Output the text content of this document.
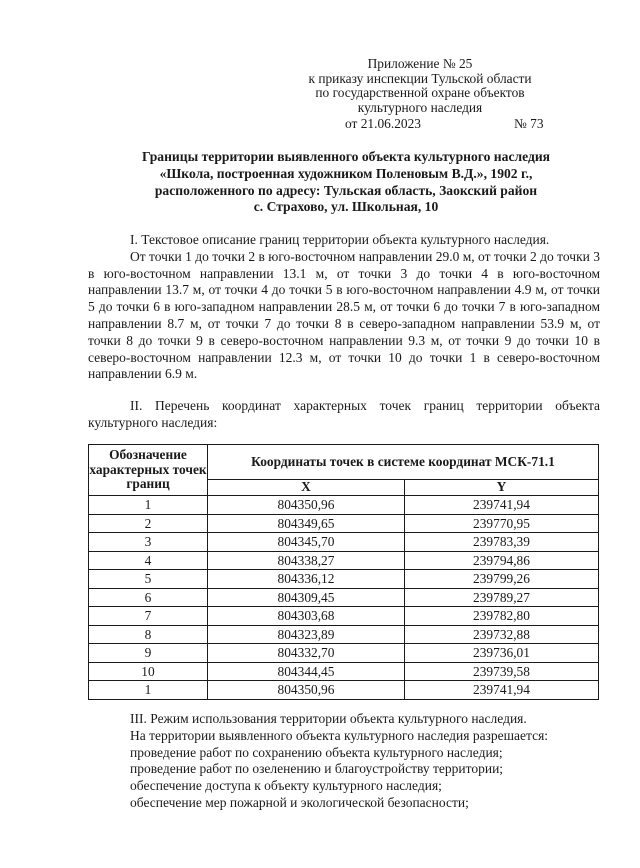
Приложение № 25
к приказу инспекции Тульской области
по государственной охране объектов
культурного наследия
от 21.06.2023	№ 73
Границы территории выявленного объекта культурного наследия
«Школа, построенная художником Поленовым В.Д.», 1902 г.,
расположенного по адресу: Тульская область, Заокский район
с. Страхово, ул. Школьная, 10

I. Текстовое описание границ территории объекта культурного наследия.

От точки 1 до точки 2 в юго-восточном направлении 29.0 м, от точки 2 до точки 3 в юго-восточном направлении 13.1 м, от точки 3 до точки 4 в юго-восточном направлении 13.7 м, от точки 4 до точки 5 в юго-восточном направлении 4.9 м, от точки 5 до точки 6 в юго-западном направлении 28.5 м, от точки 6 до точки 7 в юго-западном направлении 8.7 м, от точки 7 до точки 8 в северо-западном направлении 53.9 м, от точки 8 до точки 9 в северо-восточном направлении 9.3 м, от точки 9 до точки 10 в северо-восточном направлении 12.3 м, от точки 10 до точки 1 в северо-восточном направлении 6.9 м.

II. Перечень координат характерных точек границ территории объекта культурного наследия:

Обозначение характерных точек границ	Координаты точек в системе координат МСК-71.1	
	X	Y
1	804350,96	239741,94
2	804349,65	239770,95
3	804345,70	239783,39
4	804338,27	239794,86
5	804336,12	239799,26
6	804309,45	239789,27
7	804303,68	239782,80
8	804323,89	239732,88
9	804332,70	239736,01
10	804344,45	239739,58
1	804350,96	239741,94

III. Режим использования территории объекта культурного наследия.

На территории выявленного объекта культурного наследия разрешается:

проведение работ по сохранению объекта культурного наследия;

проведение работ по озеленению и благоустройству территории;

обеспечение доступа к объекту культурного наследия;

обеспечение мер пожарной и экологической безопасности;
